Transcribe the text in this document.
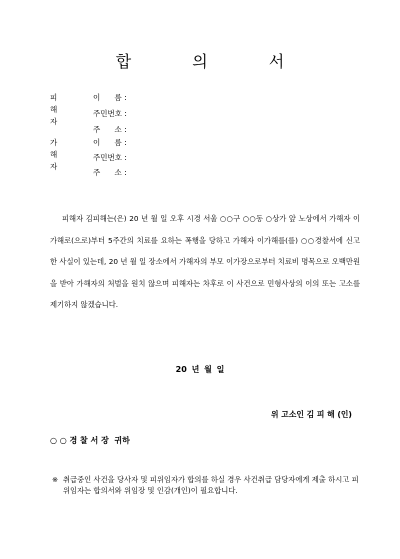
합 의 서
피해자
이      름 :
주민번호 :
주      소 :
가해자
이      름 :
주민번호 :
주      소 :
피해자 김피해는(은) 20 년 월 일 오후 시경 서울 ○○구 ○○동 ○상가 앞 노상에서 가해자 이가해로(으로)부터 5주간의 치료를 요하는 폭행을 당하고 가해자 이가해를(를) ○○경찰서에 신고한 사실이 있는데, 20 년 월 일 장소에서 가해자의 부모 이가장으로부터 치료비 명목으로 오백만원을 받아 가해자의 처벌을 원치 않으며 피해자는 차후로 이 사건으로 민형사상의 이의 또는 고소를 제기하지 않겠습니다.
20 년 월 일
위 고소인 김 피 해 (인)
○ ○ 경 찰 서 장  귀하
※ 취급중인 사건을 당사자 및 피위임자가 합의를 하실 경우 사건취급 담당자에게 제출 하시고 피위임자는 합의서와 위임장 및 인감(개인)이 필요합니다.
